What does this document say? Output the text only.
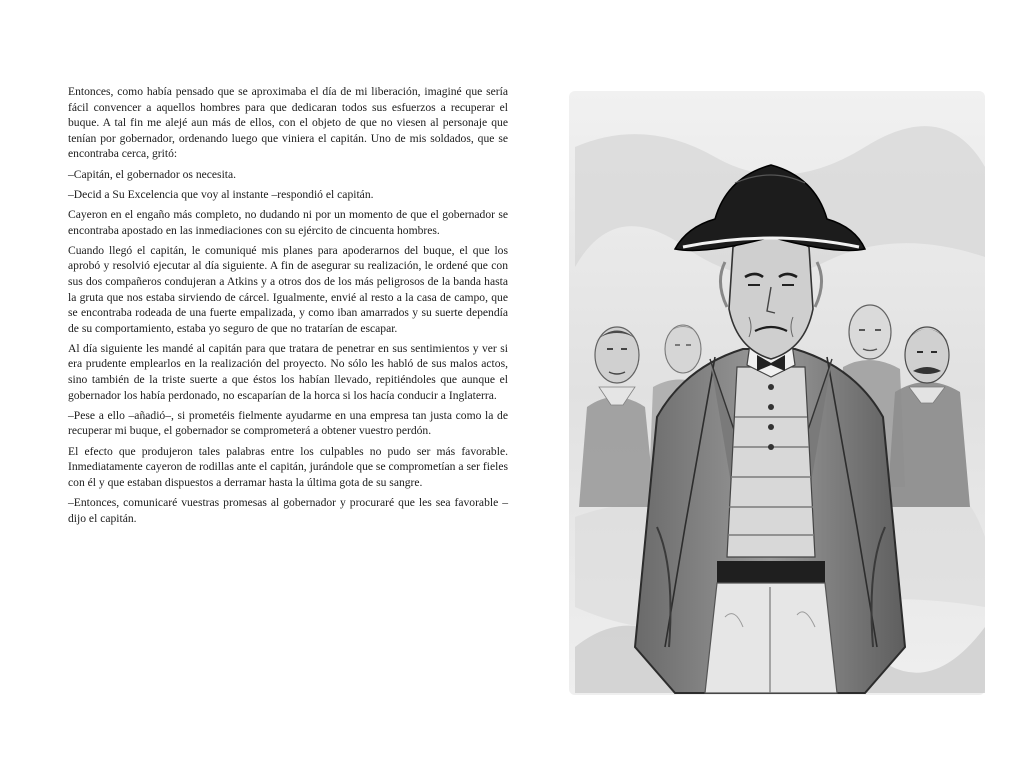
Entonces, como había pensado que se aproximaba el día de mi liberación, imaginé que sería fácil convencer a aquellos hombres para que dedicaran todos sus esfuerzos a recuperar el buque. A tal fin me alejé aun más de ellos, con el objeto de que no viesen al personaje que tenían por gobernador, ordenando luego que viniera el capitán. Uno de mis soldados, que se encontraba cerca, gritó:

–Capitán, el gobernador os necesita.

–Decid a Su Excelencia que voy al instante –respondió el capitán.

Cayeron en el engaño más completo, no dudando ni por un momento de que el gobernador se encontraba apostado en las inmediaciones con su ejército de cincuenta hombres.

Cuando llegó el capitán, le comuniqué mis planes para apoderarnos del buque, el que los aprobó y resolvió ejecutar al día siguiente. A fin de asegurar su realización, le ordené que con sus dos compañeros condujeran a Atkins y a otros dos de los más peligrosos de la banda hasta la gruta que nos estaba sirviendo de cárcel. Igualmente, envié al resto a la casa de campo, que se encontraba rodeada de una fuerte empalizada, y como iban amarrados y su suerte dependía de su comportamiento, estaba yo seguro de que no tratarían de escapar.

Al día siguiente les mandé al capitán para que tratara de penetrar en sus sentimientos y ver si era prudente emplearlos en la realización del proyecto. No sólo les habló de sus malos actos, sino también de la triste suerte a que éstos los habían llevado, repitiéndoles que aunque el gobernador los había perdonado, no escaparían de la horca si los hacía conducir a Inglaterra.

–Pese a ello –añadió–, si prometéis fielmente ayudarme en una empresa tan justa como la de recuperar mi buque, el gobernador se comprometerá a obtener vuestro perdón.

El efecto que produjeron tales palabras entre los culpables no pudo ser más favorable. Inmediatamente cayeron de rodillas ante el capitán, jurándole que se comprometían a ser fieles con él y que estaban dispuestos a derramar hasta la última gota de su sangre.

–Entonces, comunicaré vuestras promesas al gobernador y procuraré que les sea favorable –dijo el capitán.
